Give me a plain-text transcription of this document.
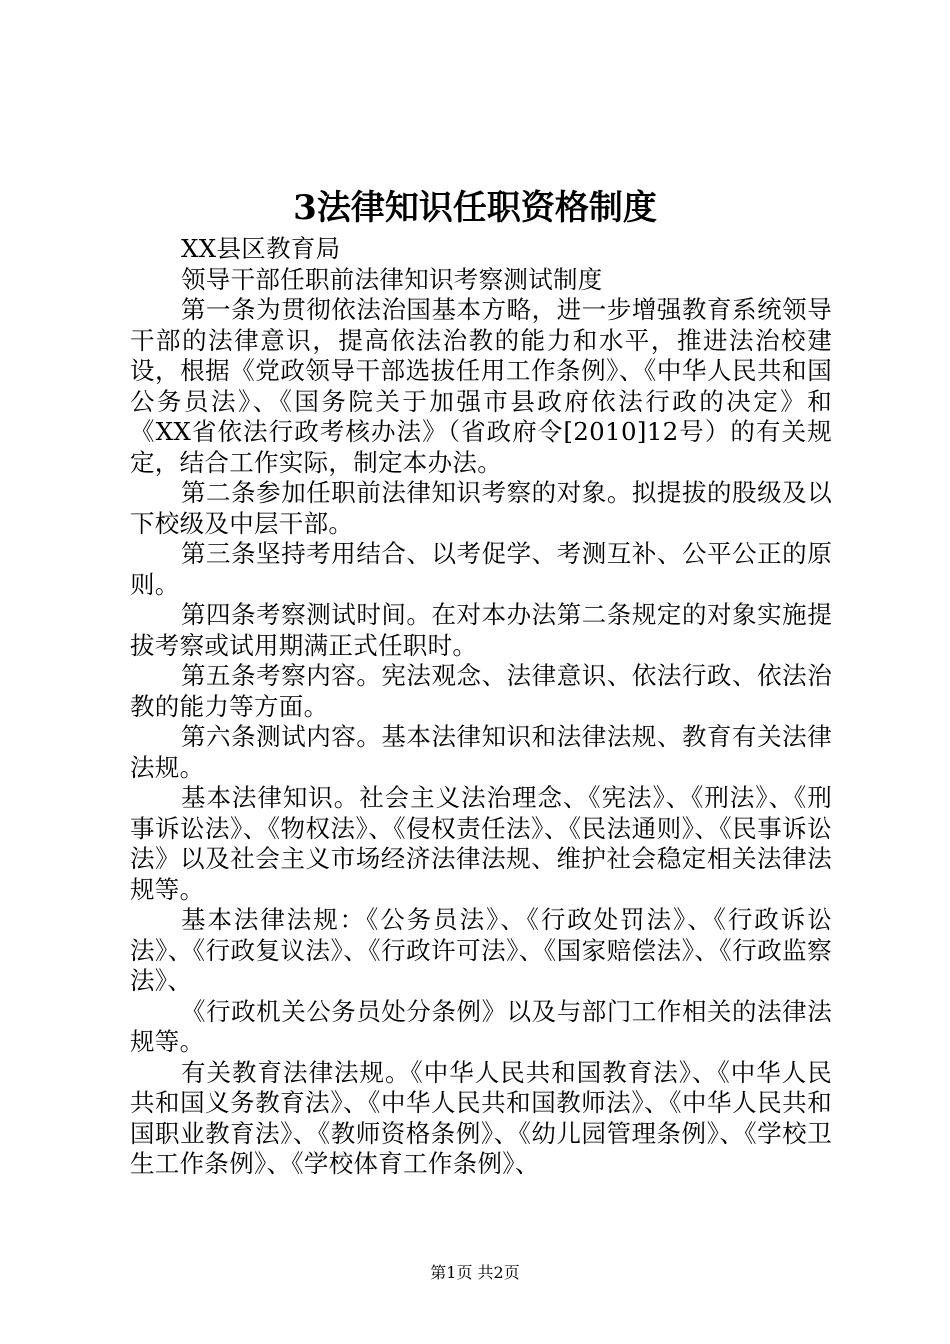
3法律知识任职资格制度

XX县区教育局

领导干部任职前法律知识考察测试制度

第一条为贯彻依法治国基本方略，进一步增强教育系统领导干部的法律意识，提高依法治教的能力和水平，推进法治校建设，根据《党政领导干部选拔任用工作条例》、《中华人民共和国公务员法》、《国务院关于加强市县政府依法行政的决定》和《XX省依法行政考核办法》（省政府令[2010]12号）的有关规定，结合工作实际，制定本办法。

第二条参加任职前法律知识考察的对象。拟提拔的股级及以下校级及中层干部。

第三条坚持考用结合、以考促学、考测互补、公平公正的原则。

第四条考察测试时间。在对本办法第二条规定的对象实施提拔考察或试用期满正式任职时。

第五条考察内容。宪法观念、法律意识、依法行政、依法治教的能力等方面。

第六条测试内容。基本法律知识和法律法规、教育有关法律法规。

基本法律知识。社会主义法治理念、《宪法》、《刑法》、《刑事诉讼法》、《物权法》、《侵权责任法》、《民法通则》、《民事诉讼法》以及社会主义市场经济法律法规、维护社会稳定相关法律法规等。

基本法律法规：《公务员法》、《行政处罚法》、《行政诉讼法》、《行政复议法》、《行政许可法》、《国家赔偿法》、《行政监察法》、

《行政机关公务员处分条例》以及与部门工作相关的法律法规等。

有关教育法律法规。《中华人民共和国教育法》、《中华人民共和国义务教育法》、《中华人民共和国教师法》、《中华人民共和国职业教育法》、《教师资格条例》、《幼儿园管理条例》、《学校卫生工作条例》、《学校体育工作条例》、

第1页 共2页
